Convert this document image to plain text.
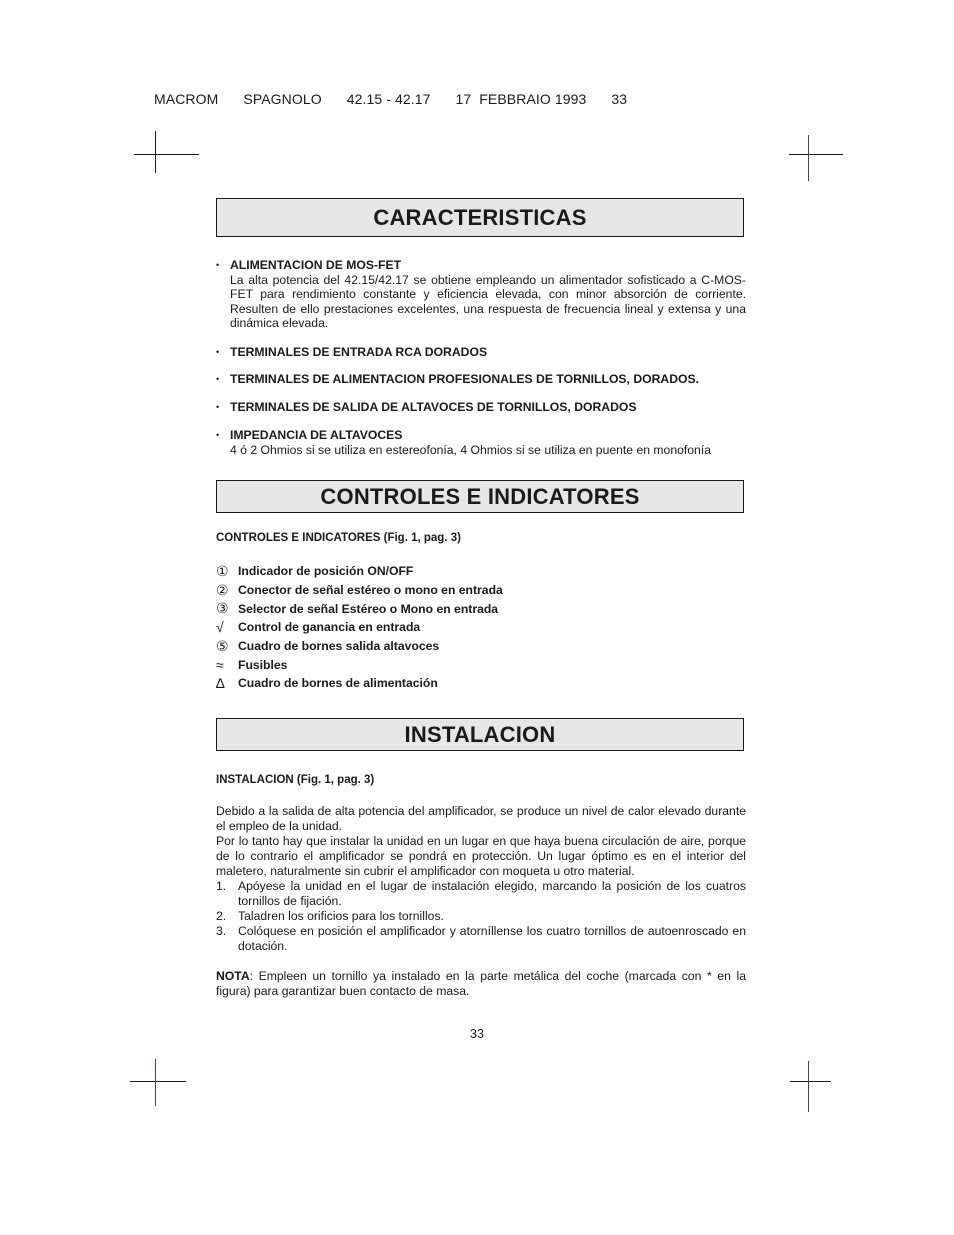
MACROM SPAGNOLO 42.15 - 42.17 17  FEBBRAIO 1993 33
CARACTERISTICAS
• ALIMENTACION DE MOS-FET
La alta potencia del 42.15/42.17 se obtiene empleando un alimentador sofisticado a C-MOS-FET para rendimiento constante y eficiencia elevada, con minor absorción de corriente. Resulten de ello prestaciones excelentes, una respuesta de frecuencia lineal y extensa y una dinámica elevada.
• TERMINALES DE ENTRADA RCA DORADOS
• TERMINALES DE ALIMENTACION PROFESIONALES DE TORNILLOS, DORADOS.
• TERMINALES DE SALIDA DE ALTAVOCES DE TORNILLOS, DORADOS
• IMPEDANCIA DE ALTAVOCES
4 ó 2 Ohmios si se utiliza en estereofonía, 4 Ohmios si se utiliza en puente en monofonía
CONTROLES E INDICATORES
CONTROLES E INDICATORES (Fig. 1, pag. 3)
① Indicador de posición ON/OFF
② Conector de señal estéreo o mono en entrada
③ Selector de señal Estéreo o Mono en entrada
√	Control de ganancia en entrada
⑤ Cuadro de bornes salida altavoces
≈	Fusibles
∆	Cuadro de bornes de alimentación
INSTALACION
INSTALACION (Fig. 1, pag. 3)
Debido a la salida de alta potencia del amplificador, se produce un nivel de calor elevado durante el empleo de la unidad.
Por lo tanto hay que instalar la unidad en un lugar en que haya buena circulación de aire, porque de lo contrario el amplificador se pondrá en protección. Un lugar óptimo es en el interior del maletero, naturalmente sin cubrir el amplificador con moqueta u otro material.
1. Apóyese la unidad en el lugar de instalación elegido, marcando la posición de los cuatros tornillos de fijación.
2. Taladren los orificios para los tornillos.
3. Colóquese en posición el amplificador y atorníllense los cuatro tornillos de autoenroscado en dotación.
NOTA: Empleen un tornillo ya instalado en la parte metálica del coche (marcada con * en la figura) para garantizar buen contacto de masa.
33
